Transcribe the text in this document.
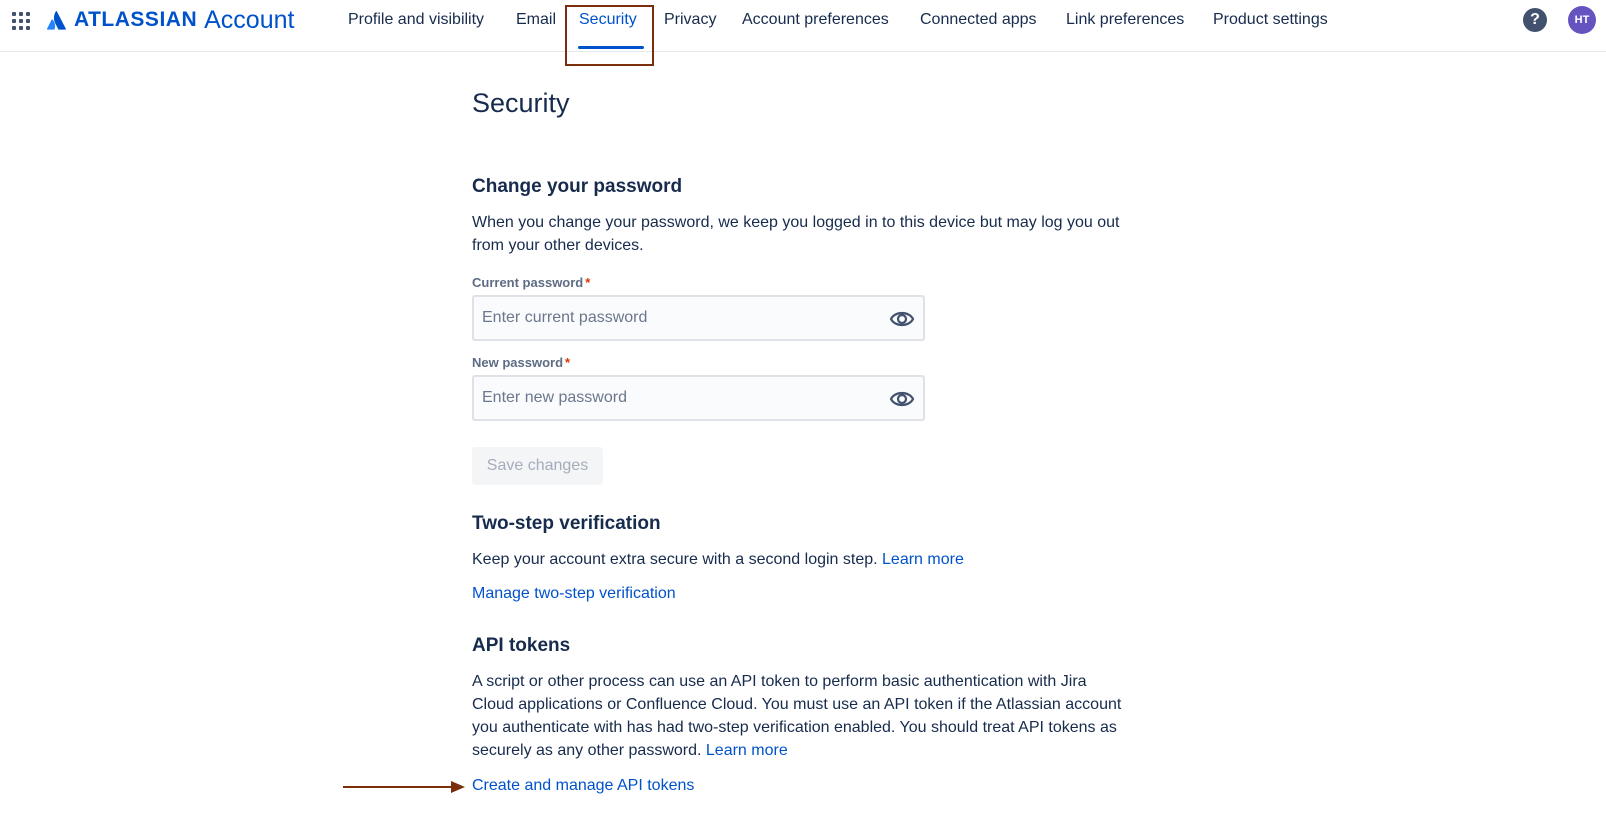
ATLASSIAN Account	Profile and visibility Email Security Privacy Account preferences Connected apps Link preferences Product settings	?	HT
Security
Change your password

When you change your password, we keep you logged in to this device but may log you out from your other devices.

Current password *
New password *
Save changes
Two-step verification

Keep your account extra secure with a second login step. Learn more

Manage two-step verification
API tokens

A script or other process can use an API token to perform basic authentication with Jira Cloud applications or Confluence Cloud. You must use an API token if the Atlassian account you authenticate with has had two-step verification enabled. You should treat API tokens as securely as any other password. Learn more

Create and manage API tokens
